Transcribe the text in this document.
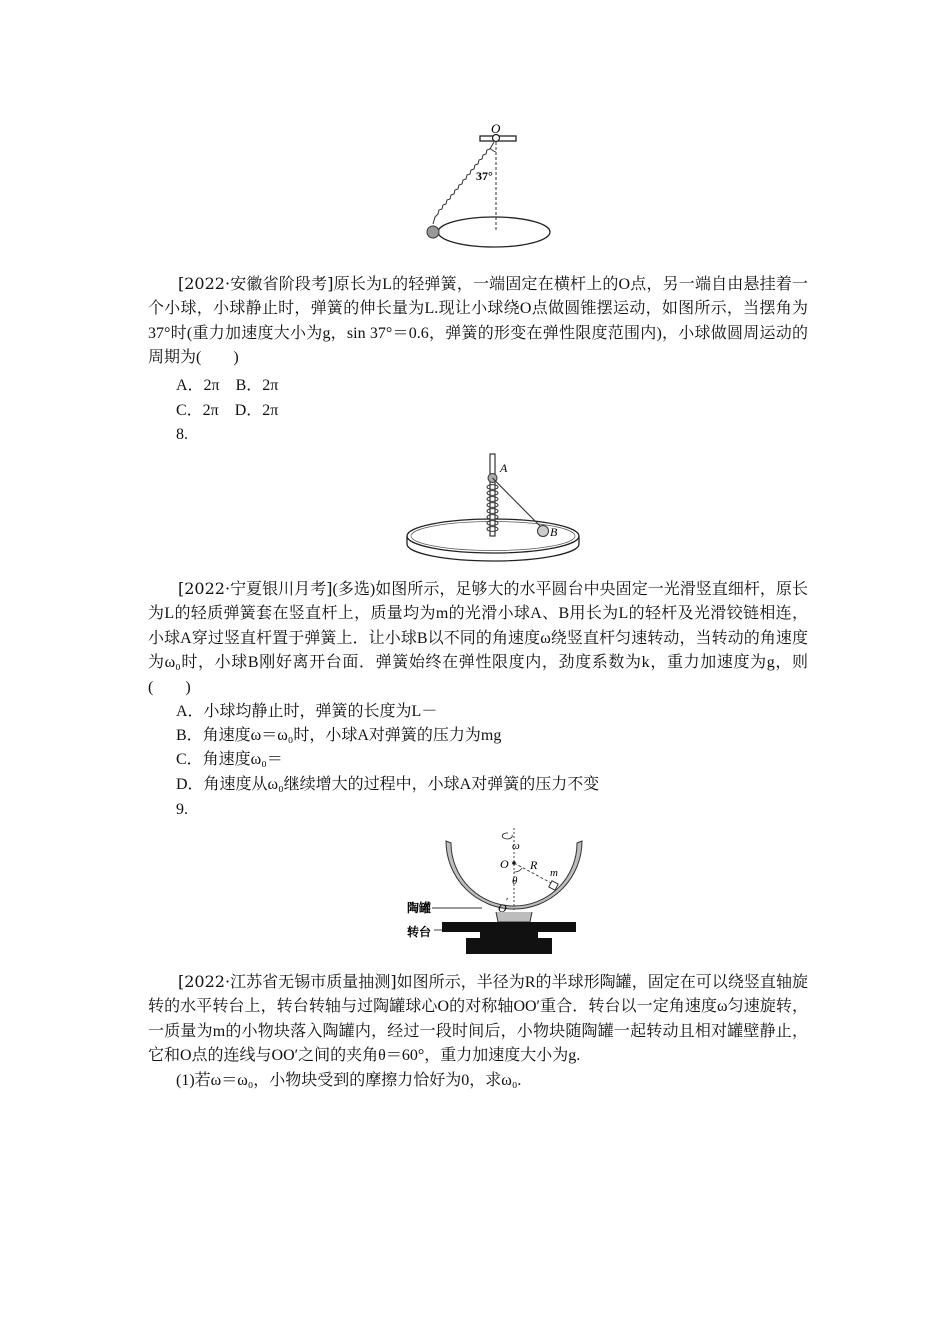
O
37°
[2022·安徽省阶段考]原长为L的轻弹簧，一端固定在横杆上的O点，另一端自由悬挂着一个小球，小球静止时，弹簧的伸长量为L.现让小球绕O点做圆锥摆运动，如图所示，当摆角为37°时(重力加速度大小为g，sin 37°＝0.6，弹簧的形变在弹性限度范围内)，小球做圆周运动的周期为(　　)
A．2π　B．2π
C．2π　D．2π
8.
A
B
[2022·宁夏银川月考](多选)如图所示，足够大的水平圆台中央固定一光滑竖直细杆，原长为L的轻质弹簧套在竖直杆上，质量均为m的光滑小球A、B用长为L的轻杆及光滑铰链相连，小球A穿过竖直杆置于弹簧上．让小球B以不同的角速度ω绕竖直杆匀速转动，当转动的角速度为ω₀时，小球B刚好离开台面．弹簧始终在弹性限度内，劲度系数为k，重力加速度为g，则(　　)
A．小球均静止时，弹簧的长度为L－
B．角速度ω＝ω₀时，小球A对弹簧的压力为mg
C．角速度ω₀＝
D．角速度从ω₀继续增大的过程中，小球A对弹簧的压力不变
9.
ω
O
θ
R
m
O ′
陶罐
转台
[2022·江苏省无锡市质量抽测]如图所示，半径为R的半球形陶罐，固定在可以绕竖直轴旋转的水平转台上，转台转轴与过陶罐球心O的对称轴OO′重合．转台以一定角速度ω匀速旋转，一质量为m的小物块落入陶罐内，经过一段时间后，小物块随陶罐一起转动且相对罐壁静止，它和O点的连线与OO′之间的夹角θ＝60°，重力加速度大小为g.
(1)若ω＝ω₀，小物块受到的摩擦力恰好为0，求ω₀.
